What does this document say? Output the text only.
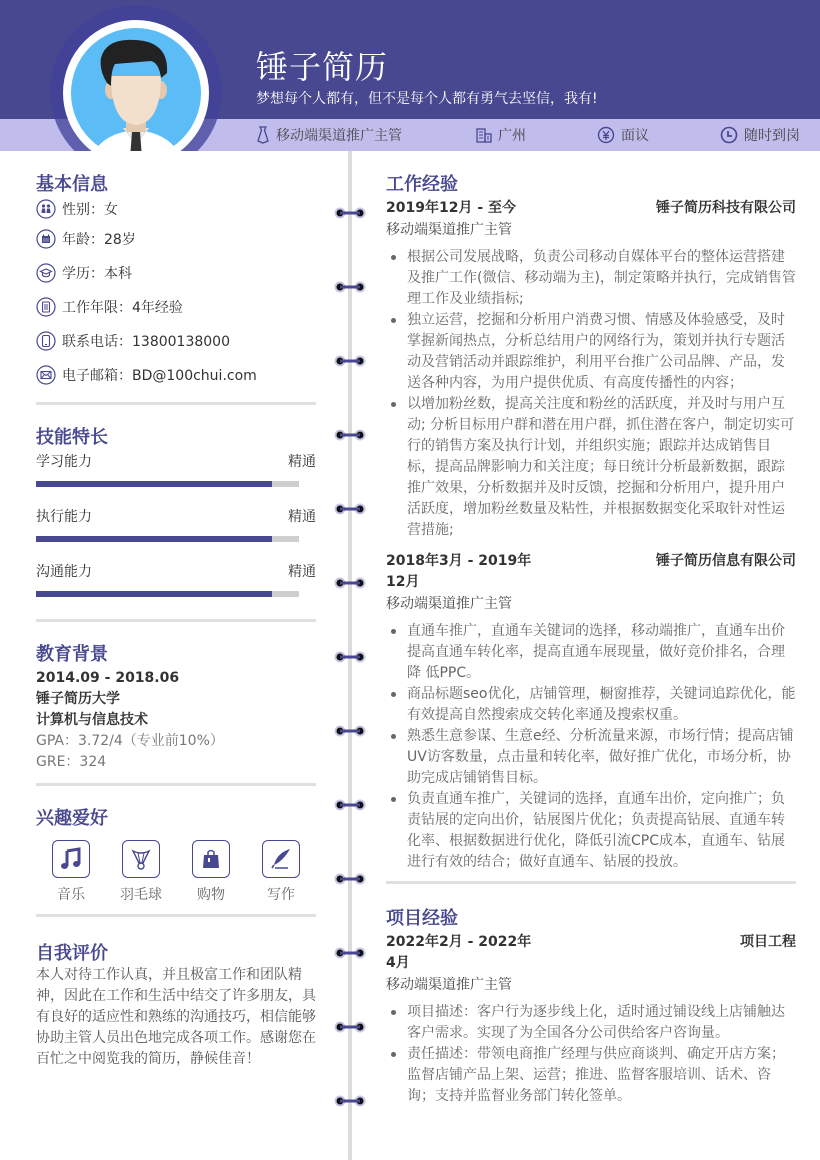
锤子简历
梦想每个人都有，但不是每个人都有勇气去坚信，我有!
移动端渠道推广主管	广州	面议	随时到岗
基本信息
性别：女
年龄：28岁
学历：本科
工作年限：4年经验
联系电话：13800138000
电子邮箱：BD@100chui.com
技能特长
学习能力	精通
执行能力	精通
沟通能力	精通
教育背景
2014.09 - 2018.06
锤子简历大学
计算机与信息技术
GPA：3.72/4（专业前10%）
GRE：324
兴趣爱好
音乐	羽毛球	购物	写作
自我评价
本人对待工作认真，并且极富工作和团队精神，因此在工作和生活中结交了许多朋友，具有良好的适应性和熟练的沟通技巧，相信能够协助主管人员出色地完成各项工作。感谢您在百忙之中阅览我的简历，静候佳音！
工作经验
2019年12月 - 至今	锤子简历科技有限公司
移动端渠道推广主管
根据公司发展战略，负责公司移动自媒体平台的整体运营搭建及推广工作(微信、移动端为主)，制定策略并执行，完成销售管理工作及业绩指标;
独立运营，挖掘和分析用户消费习惯、情感及体验感受，及时掌握新闻热点，分析总结用户的网络行为，策划并执行专题活动及营销活动并跟踪维护，利用平台推广公司品牌、产品，发送各种内容，为用户提供优质、有高度传播性的内容；
以增加粉丝数，提高关注度和粉丝的活跃度，并及时与用户互动; 分析目标用户群和潜在用户群，抓住潜在客户，制定切实可行的销售方案及执行计划，并组织实施；跟踪并达成销售目标，提高品牌影响力和关注度；每日统计分析最新数据，跟踪推广效果，分析数据并及时反馈，挖掘和分析用户，提升用户活跃度，增加粉丝数量及粘性，并根据数据变化采取针对性运营措施;
2018年3月 - 2019年12月
锤子简历信息有限公司
移动端渠道推广主管
直通车推广，直通车关键词的选择，移动端推广，直通车出价提高直通车转化率，提高直通车展现量，做好竞价排名，合理降 低PPC。
商品标题seo优化，店铺管理，橱窗推荐，关键词追踪优化，能有效提高自然搜索成交转化率通及搜索权重。
熟悉生意参谋、生意e经、分析流量来源，市场行情；提高店铺UV访客数量，点击量和转化率，做好推广优化，市场分析，协助完成店铺销售目标。
负责直通车推广，关键词的选择，直通车出价，定向推广；负责钻展的定向出价，钻展图片优化；负责提高钻展、直通车转化率、根据数据进行优化，降低引流CPC成本，直通车、钻展进行有效的结合；做好直通车、钻展的投放。
项目经验
2022年2月 - 2022年4月
项目工程
移动端渠道推广主管
项目描述：客户行为逐步线上化，适时通过铺设线上店铺触达客户需求。实现了为全国各分公司供给客户咨询量。
责任描述：带领电商推广经理与供应商谈判、确定开店方案；监督店铺产品上架、运营；推进、监督客服培训、话术、咨询；支持并监督业务部门转化签单。
